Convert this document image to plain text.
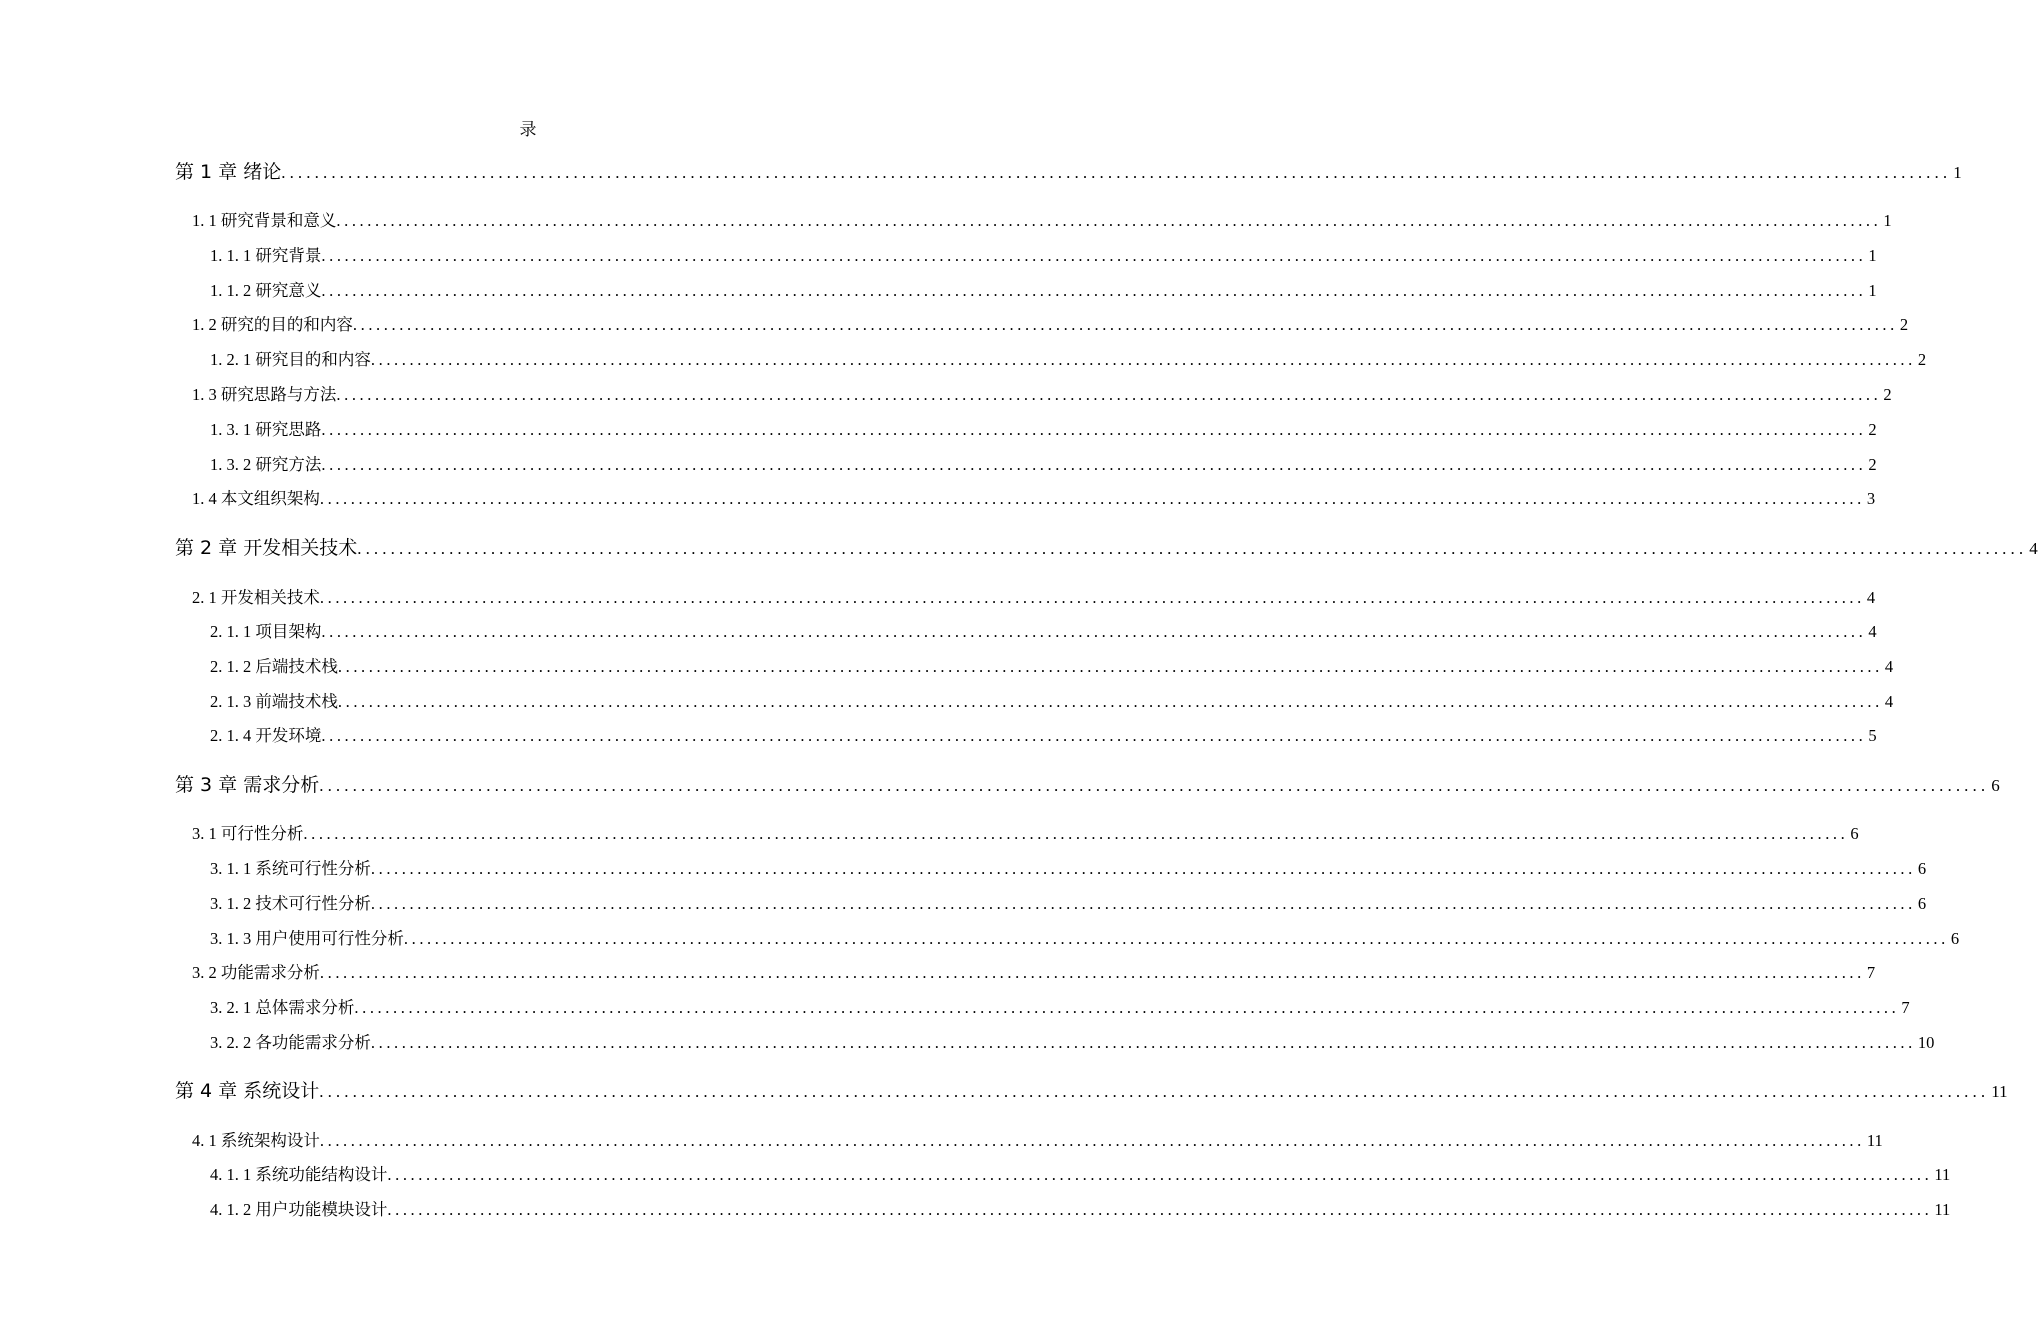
录
第 1 章 绪论 ........................................................................................................................................................................................................ 1
1. 1 研究背景和意义 ........................................................................................................................................................................................................ 1
1. 1. 1 研究背景 ........................................................................................................................................................................................................ 1
1. 1. 2 研究意义 ........................................................................................................................................................................................................ 1
1. 2 研究的目的和内容 ........................................................................................................................................................................................................ 2
1. 2. 1 研究目的和内容 ........................................................................................................................................................................................................ 2
1. 3 研究思路与方法 ........................................................................................................................................................................................................ 2
1. 3. 1 研究思路 ........................................................................................................................................................................................................ 2
1. 3. 2 研究方法 ........................................................................................................................................................................................................ 2
1. 4 本文组织架构 ........................................................................................................................................................................................................ 3
第 2 章 开发相关技术 ........................................................................................................................................................................................................ 4
2. 1 开发相关技术 ........................................................................................................................................................................................................ 4
2. 1. 1 项目架构 ........................................................................................................................................................................................................ 4
2. 1. 2 后端技术栈 ........................................................................................................................................................................................................ 4
2. 1. 3 前端技术栈 ........................................................................................................................................................................................................ 4
2. 1. 4 开发环境 ........................................................................................................................................................................................................ 5
第 3 章 需求分析 ........................................................................................................................................................................................................ 6
3. 1 可行性分析 ........................................................................................................................................................................................................ 6
3. 1. 1 系统可行性分析 ........................................................................................................................................................................................................ 6
3. 1. 2 技术可行性分析 ........................................................................................................................................................................................................ 6
3. 1. 3 用户使用可行性分析 ........................................................................................................................................................................................................ 6
3. 2 功能需求分析 ........................................................................................................................................................................................................ 7
3. 2. 1 总体需求分析 ........................................................................................................................................................................................................ 7
3. 2. 2 各功能需求分析 ........................................................................................................................................................................................................ 10
第 4 章 系统设计 ........................................................................................................................................................................................................ 11
4. 1 系统架构设计 ........................................................................................................................................................................................................ 11
4. 1. 1 系统功能结构设计 ........................................................................................................................................................................................................ 11
4. 1. 2 用户功能模块设计 ........................................................................................................................................................................................................ 11
